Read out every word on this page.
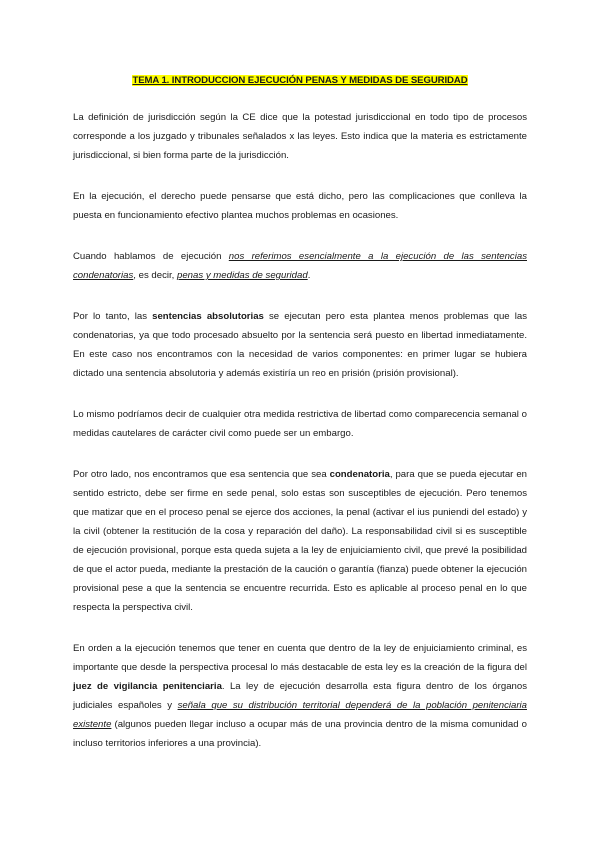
TEMA 1. INTRODUCCION EJECUCIÓN PENAS Y MEDIDAS DE SEGURIDAD

La definición de jurisdicción según la CE dice que la potestad jurisdiccional en todo tipo de procesos corresponde a los juzgado y tribunales señalados x las leyes. Esto indica que la materia es estrictamente jurisdiccional, si bien forma parte de la jurisdicción.

En la ejecución, el derecho puede pensarse que está dicho, pero las complicaciones que conlleva la puesta en funcionamiento efectivo plantea muchos problemas en ocasiones.

Cuando hablamos de ejecución nos referimos esencialmente a la ejecución de las sentencias condenatorias, es decir, penas y medidas de seguridad.

Por lo tanto, las sentencias absolutorias se ejecutan pero esta plantea menos problemas que las condenatorias, ya que todo procesado absuelto por la sentencia será puesto en libertad inmediatamente. En este caso nos encontramos con la necesidad de varios componentes: en primer lugar se hubiera dictado una sentencia absolutoria y además existiría un reo en prisión (prisión provisional).

Lo mismo podríamos decir de cualquier otra medida restrictiva de libertad como comparecencia semanal o medidas cautelares de carácter civil como puede ser un embargo.

Por otro lado, nos encontramos que esa sentencia que sea condenatoria, para que se pueda ejecutar en sentido estricto, debe ser firme en sede penal, solo estas son susceptibles de ejecución. Pero tenemos que matizar que en el proceso penal se ejerce dos acciones, la penal (activar el ius puniendi del estado) y la civil (obtener la restitución de la cosa y reparación del daño). La responsabilidad civil si es susceptible de ejecución provisional, porque esta queda sujeta a la ley de enjuiciamiento civil, que prevé la posibilidad de que el actor pueda, mediante la prestación de la caución o garantía (fianza) puede obtener la ejecución provisional pese a que la sentencia se encuentre recurrida. Esto es aplicable al proceso penal en lo que respecta la perspectiva civil.

En orden a la ejecución tenemos que tener en cuenta que dentro de la ley de enjuiciamiento criminal, es importante que desde la perspectiva procesal lo más destacable de esta ley es la creación de la figura del juez de vigilancia penitenciaria. La ley de ejecución desarrolla esta figura dentro de los órganos judiciales españoles y señala que su distribución territorial dependerá de la población penitenciaria existente (algunos pueden llegar incluso a ocupar más de una provincia dentro de la misma comunidad o incluso territorios inferiores a una provincia).
